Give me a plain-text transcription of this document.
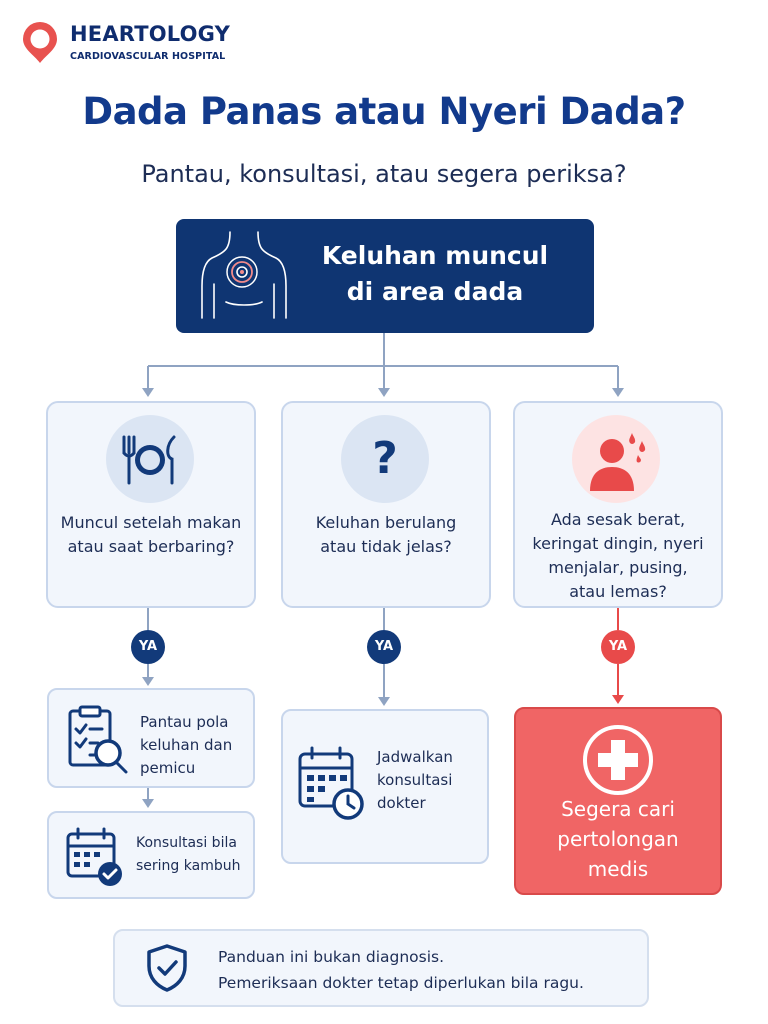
HEARTOLOGY
CARDIOVASCULAR HOSPITAL
Dada Panas atau Nyeri Dada?
Pantau, konsultasi, atau segera periksa?
Keluhan muncul
di area dada
Muncul setelah makan
atau saat berbaring?
?
Keluhan berulang
atau tidak jelas?
Ada sesak berat,
keringat dingin, nyeri
menjalar, pusing,
atau lemas?
YA	YA	YA
Pantau pola
keluhan dan
pemicu
Konsultasi bila
sering kambuh
Jadwalkan
konsultasi
dokter	Segera cari
pertolongan
medis
Panduan ini bukan diagnosis.
Pemeriksaan dokter tetap diperlukan bila ragu.
